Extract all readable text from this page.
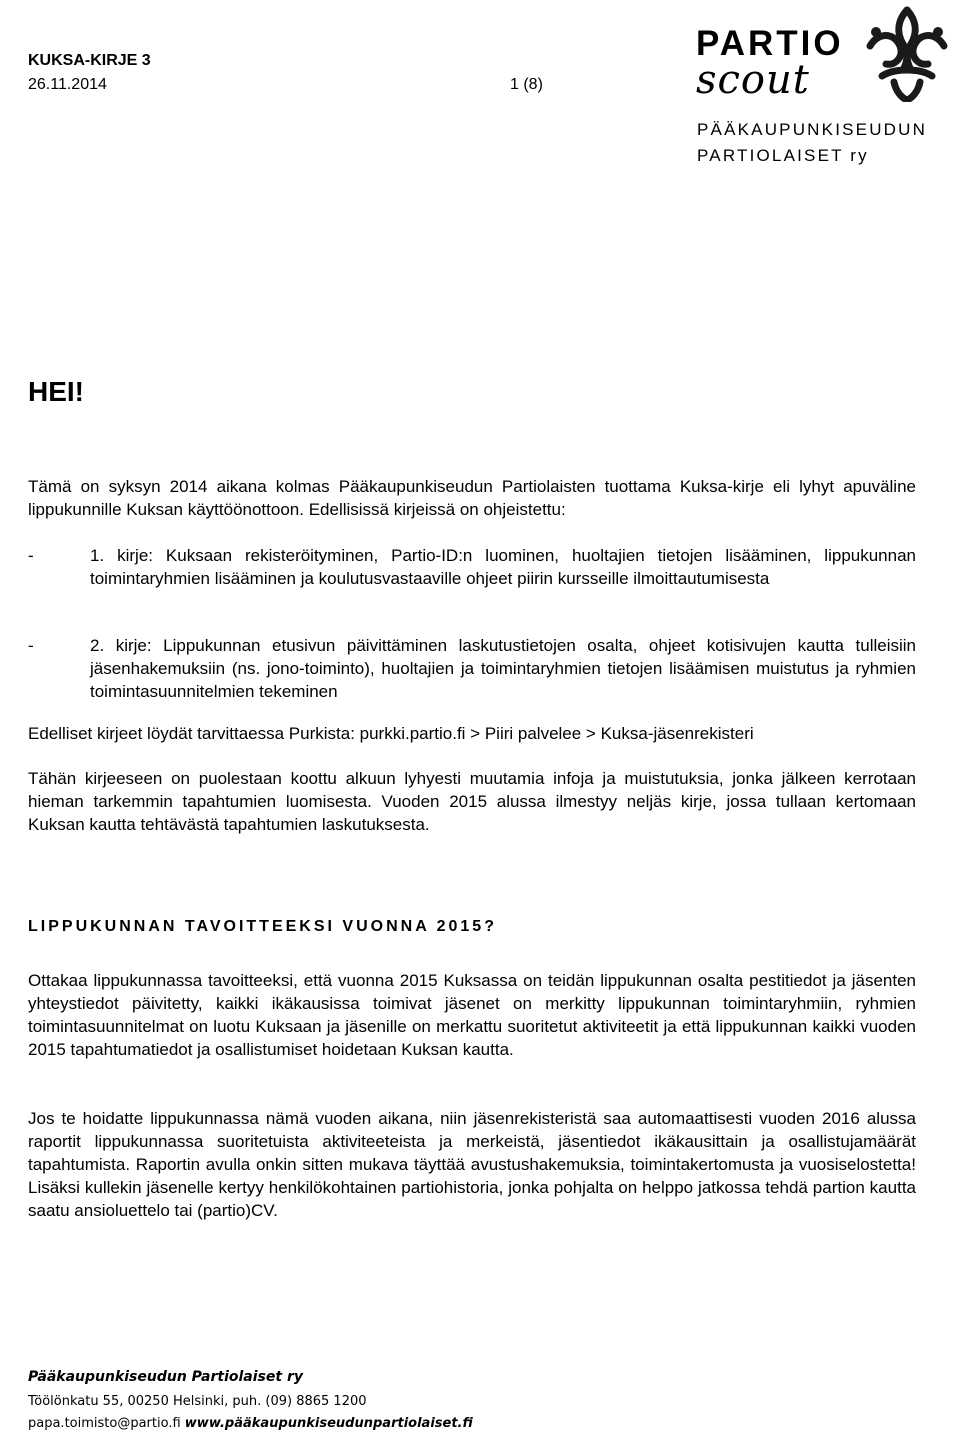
KUKSA-KIRJE 3
26.11.2014	1 (8)
PARTIO
scout
PÄÄKAUPUNKISEUDUN
PARTIOLAISET ry
HEI!
Tämä on syksyn 2014 aikana kolmas Pääkaupunkiseudun Partiolaisten tuottama Kuksa-kirje eli lyhyt apuväline lippukunnille Kuksan käyttöönottoon. Edellisissä kirjeissä on ohjeistettu:
-	1. kirje: Kuksaan rekisteröityminen, Partio-ID:n luominen, huoltajien tietojen lisääminen, lippukunnan toimintaryhmien lisääminen ja koulutusvastaaville ohjeet piirin kursseille ilmoittautumisesta
-	2. kirje: Lippukunnan etusivun päivittäminen laskutustietojen osalta, ohjeet kotisivujen kautta tulleisiin jäsenhakemuksiin (ns. jono-toiminto), huoltajien ja toimintaryhmien tietojen lisäämisen muistutus ja ryhmien toimintasuunnitelmien tekeminen
Edelliset kirjeet löydät tarvittaessa Purkista: purkki.partio.fi > Piiri palvelee > Kuksa-jäsenrekisteri
Tähän kirjeeseen on puolestaan koottu alkuun lyhyesti muutamia infoja ja muistutuksia, jonka jälkeen kerrotaan hieman tarkemmin tapahtumien luomisesta. Vuoden 2015 alussa ilmestyy neljäs kirje, jossa tullaan kertomaan Kuksan kautta tehtävästä tapahtumien laskutuksesta.
LIPPUKUNNAN TAVOITTEEKSI VUONNA 2015?
Ottakaa lippukunnassa tavoitteeksi, että vuonna 2015 Kuksassa on teidän lippukunnan osalta pestitiedot ja jäsenten yhteystiedot päivitetty, kaikki ikäkausissa toimivat jäsenet on merkitty lippukunnan toimintaryhmiin, ryhmien toimintasuunnitelmat on luotu Kuksaan ja jäsenille on merkattu suoritetut aktiviteetit ja että lippukunnan kaikki vuoden 2015 tapahtumatiedot ja osallistumiset hoidetaan Kuksan kautta.
Jos te hoidatte lippukunnassa nämä vuoden aikana, niin jäsenrekisteristä saa automaattisesti vuoden 2016 alussa raportit lippukunnassa suoritetuista aktiviteeteista ja merkeistä, jäsentiedot ikäkausittain ja osallistujamäärät tapahtumista. Raportin avulla onkin sitten mukava täyttää avustushakemuksia, toimintakertomusta ja vuosiselostetta! Lisäksi kullekin jäsenelle kertyy henkilökohtainen partiohistoria, jonka pohjalta on helppo jatkossa tehdä partion kautta saatu ansioluettelo tai (partio)CV.
Pääkaupunkiseudun Partiolaiset ry
Töölönkatu 55, 00250 Helsinki, puh. (09) 8865 1200
papa.toimisto@partio.fi www.pääkaupunkiseudunpartiolaiset.fi
